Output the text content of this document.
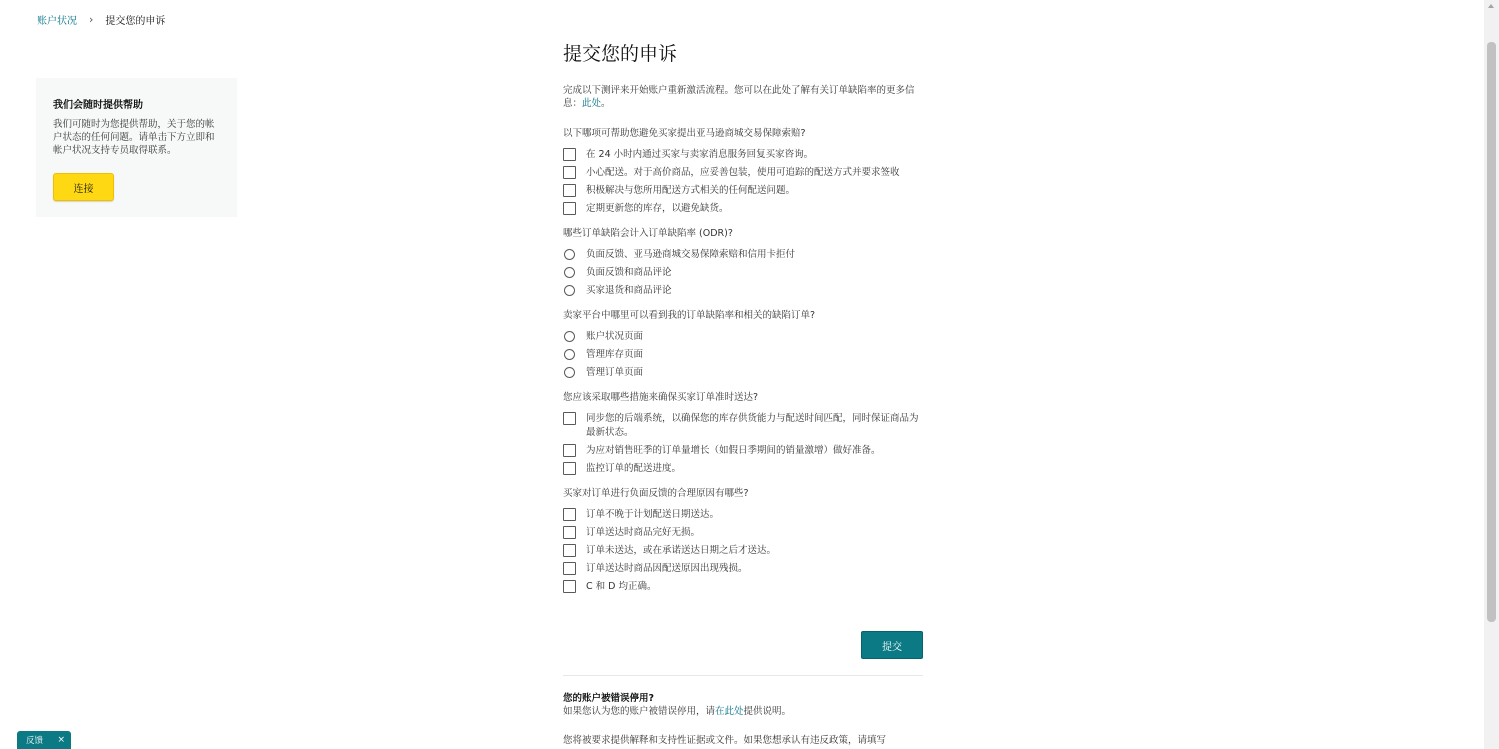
账户状况 › 提交您的申诉
我们会随时提供帮助

我们可随时为您提供帮助，关于您的帐户状态的任何问题。请单击下方立即和帐户状况支持专员取得联系。

连接
提交您的申诉
完成以下测评来开始账户重新激活流程。您可以在此处了解有关订单缺陷率的更多信息：此处。
以下哪项可帮助您避免买家提出亚马逊商城交易保障索赔?
在 24 小时内通过买家与卖家消息服务回复买家咨询。
小心配送。对于高价商品，应妥善包装，使用可追踪的配送方式并要求签收
积极解决与您所用配送方式相关的任何配送问题。
定期更新您的库存，以避免缺货。
哪些订单缺陷会计入订单缺陷率 (ODR)?
负面反馈、亚马逊商城交易保障索赔和信用卡拒付
负面反馈和商品评论
买家退货和商品评论
卖家平台中哪里可以看到我的订单缺陷率和相关的缺陷订单?
账户状况页面
管理库存页面
管理订单页面
您应该采取哪些措施来确保买家订单准时送达?
同步您的后端系统，以确保您的库存供货能力与配送时间匹配，同时保证商品为最新状态。
为应对销售旺季的订单量增长（如假日季期间的销量激增）做好准备。
监控订单的配送进度。
买家对订单进行负面反馈的合理原因有哪些?
订单不晚于计划配送日期送达。
订单送达时商品完好无损。
订单未送达，或在承诺送达日期之后才送达。
订单送达时商品因配送原因出现残损。
C 和 D 均正确。
提交
您的账户被错误停用?
如果您认为您的账户被错误停用，请在此处提供说明。
您将被要求提供解释和支持性证据或文件。如果您想承认有违反政策，请填写
反馈 ×
